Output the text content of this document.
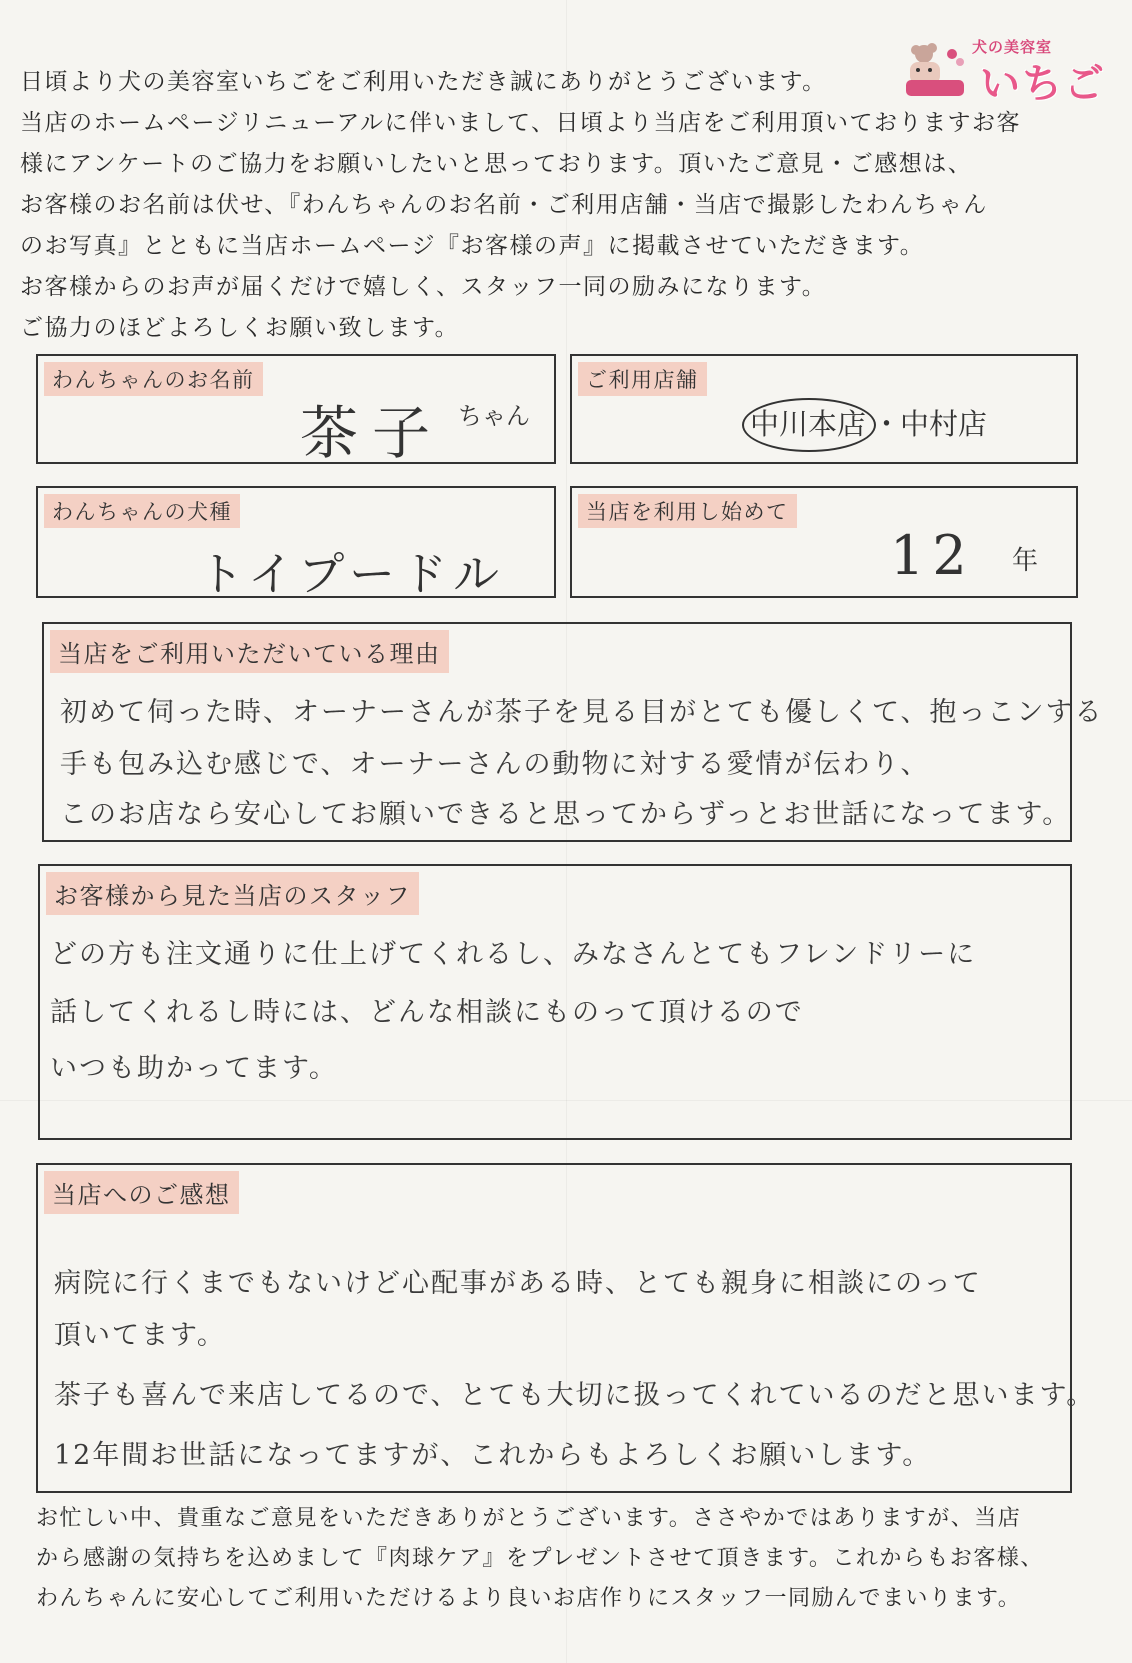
犬の美容室
いちご

日頃より犬の美容室いちごをご利用いただき誠にありがとうございます。

当店のホームページリニューアルに伴いまして、日頃より当店をご利用頂いておりますお客

様にアンケートのご協力をお願いしたいと思っております。頂いたご意見・ご感想は、

お客様のお名前は伏せ、『わんちゃんのお名前・ご利用店舗・当店で撮影したわんちゃん

のお写真』とともに当店ホームページ『お客様の声』に掲載させていただきます。

お客様からのお声が届くだけで嬉しく、スタッフ一同の励みになります。

ご協力のほどよろしくお願い致します。

わんちゃんのお名前
茶子 ちゃん
ご利用店舗
中川本店 ・
中村店
わんちゃんの犬種
トイプードル
当店を利用し始めて
12 年
当店をご利用いただいている理由
初めて伺った時、オーナーさんが茶子を見る目がとても優しくて、抱っこンする
手も包み込む感じで、オーナーさんの動物に対する愛情が伝わり、
このお店なら安心してお願いできると思ってからずっとお世話になってます。
お客様から見た当店のスタッフ
どの方も注文通りに仕上げてくれるし、みなさんとてもフレンドリーに
話してくれるし時には、どんな相談にものって頂けるので
いつも助かってます。
当店へのご感想
病院に行くまでもないけど心配事がある時、とても親身に相談にのって
頂いてます。
茶子も喜んで来店してるので、とても大切に扱ってくれているのだと思います。
12年間お世話になってますが、これからもよろしくお願いします。

お忙しい中、貴重なご意見をいただきありがとうございます。ささやかではありますが、当店

から感謝の気持ちを込めまして『肉球ケア』をプレゼントさせて頂きます。これからもお客様、

わんちゃんに安心してご利用いただけるより良いお店作りにスタッフ一同励んでまいります。
